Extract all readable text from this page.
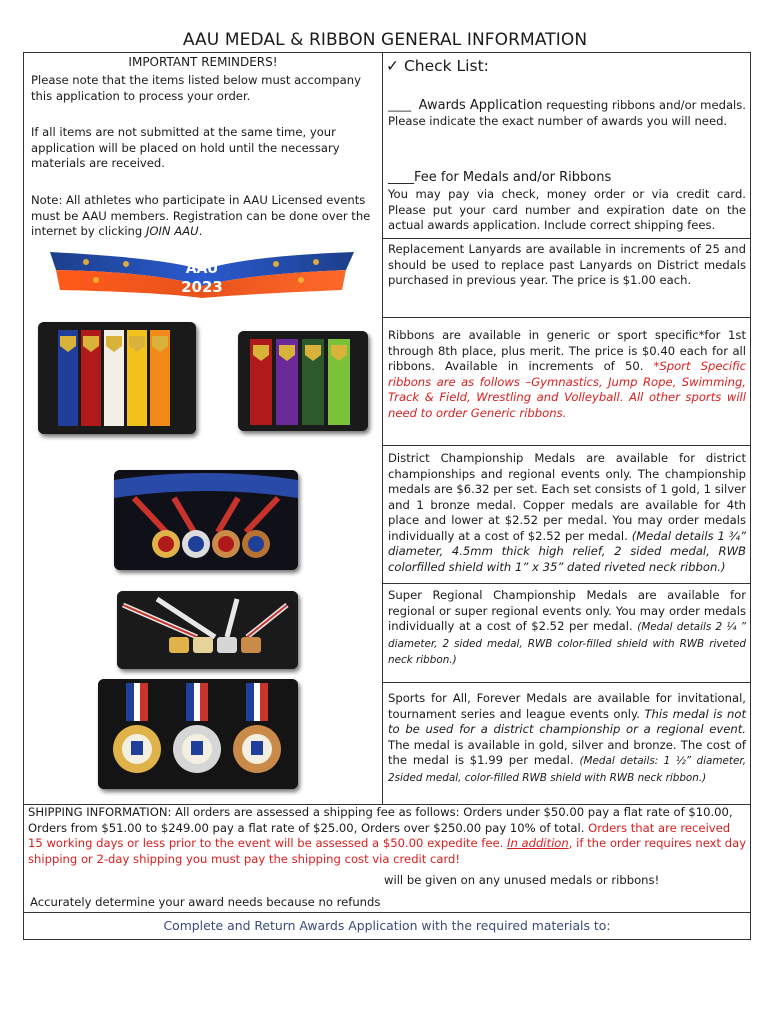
AAU MEDAL & RIBBON GENERAL INFORMATION
IMPORTANT REMINDERS!
Please note that the items listed below must accompany this application to process your order.
If all items are not submitted at the same time, your application will be placed on hold until the necessary materials are received.
Note: All athletes who participate in AAU Licensed events must be AAU members. Registration can be done over the internet by clicking JOIN AAU.
AAU
2023
✓ Check List:
____ Awards Application requesting ribbons and/or medals. Please indicate the exact number of awards you will need.
____Fee for Medals and/or Ribbons
You may pay via check, money order or via credit card. Please put your card number and expiration date on the actual awards application. Include correct shipping fees.
Replacement Lanyards are available in increments of 25 and should be used to replace past Lanyards on District medals purchased in previous year. The price is $1.00 each.
Ribbons are available in generic or sport specific*for 1st through 8th place, plus merit. The price is $0.40 each for all ribbons. Available in increments of 50. *Sport Specific ribbons are as follows –Gymnastics, Jump Rope, Swimming, Track & Field, Wrestling and Volleyball. All other sports will need to order Generic ribbons.
District Championship Medals are available for district championships and regional events only. The championship medals are $6.32 per set. Each set consists of 1 gold, 1 silver and 1 bronze medal. Copper medals are available for 4th place and lower at $2.52 per medal. You may order medals individually at a cost of $2.52 per medal. (Medal details 1 ¾” diameter, 4.5mm thick high relief, 2 sided medal, RWB colorfilled shield with 1” x 35” dated riveted neck ribbon.)
Super Regional Championship Medals are available for regional or super regional events only. You may order medals individually at a cost of $2.52 per medal. (Medal details 2 ¼ ” diameter, 2 sided medal, RWB color-filled shield with RWB riveted neck ribbon.)
Sports for All, Forever Medals are available for invitational, tournament series and league events only. This medal is not to be used for a district championship or a regional event. The medal is available in gold, silver and bronze. The cost of the medal is $1.99 per medal. (Medal details: 1 ½” diameter, 2sided medal, color-filled RWB shield with RWB neck ribbon.)
SHIPPING INFORMATION: All orders are assessed a shipping fee as follows: Orders under $50.00 pay a flat rate of $10.00, Orders from $51.00 to $249.00 pay a flat rate of $25.00, Orders over $250.00 pay 10% of total. Orders that are received 15 working days or less prior to the event will be assessed a $50.00 expedite fee. In addition, if the order requires next day shipping or 2-day shipping you must pay the shipping cost via credit card!
will be given on any unused medals or ribbons!
Accurately determine your award needs because no refunds
Complete and Return Awards Application with the required materials to:
